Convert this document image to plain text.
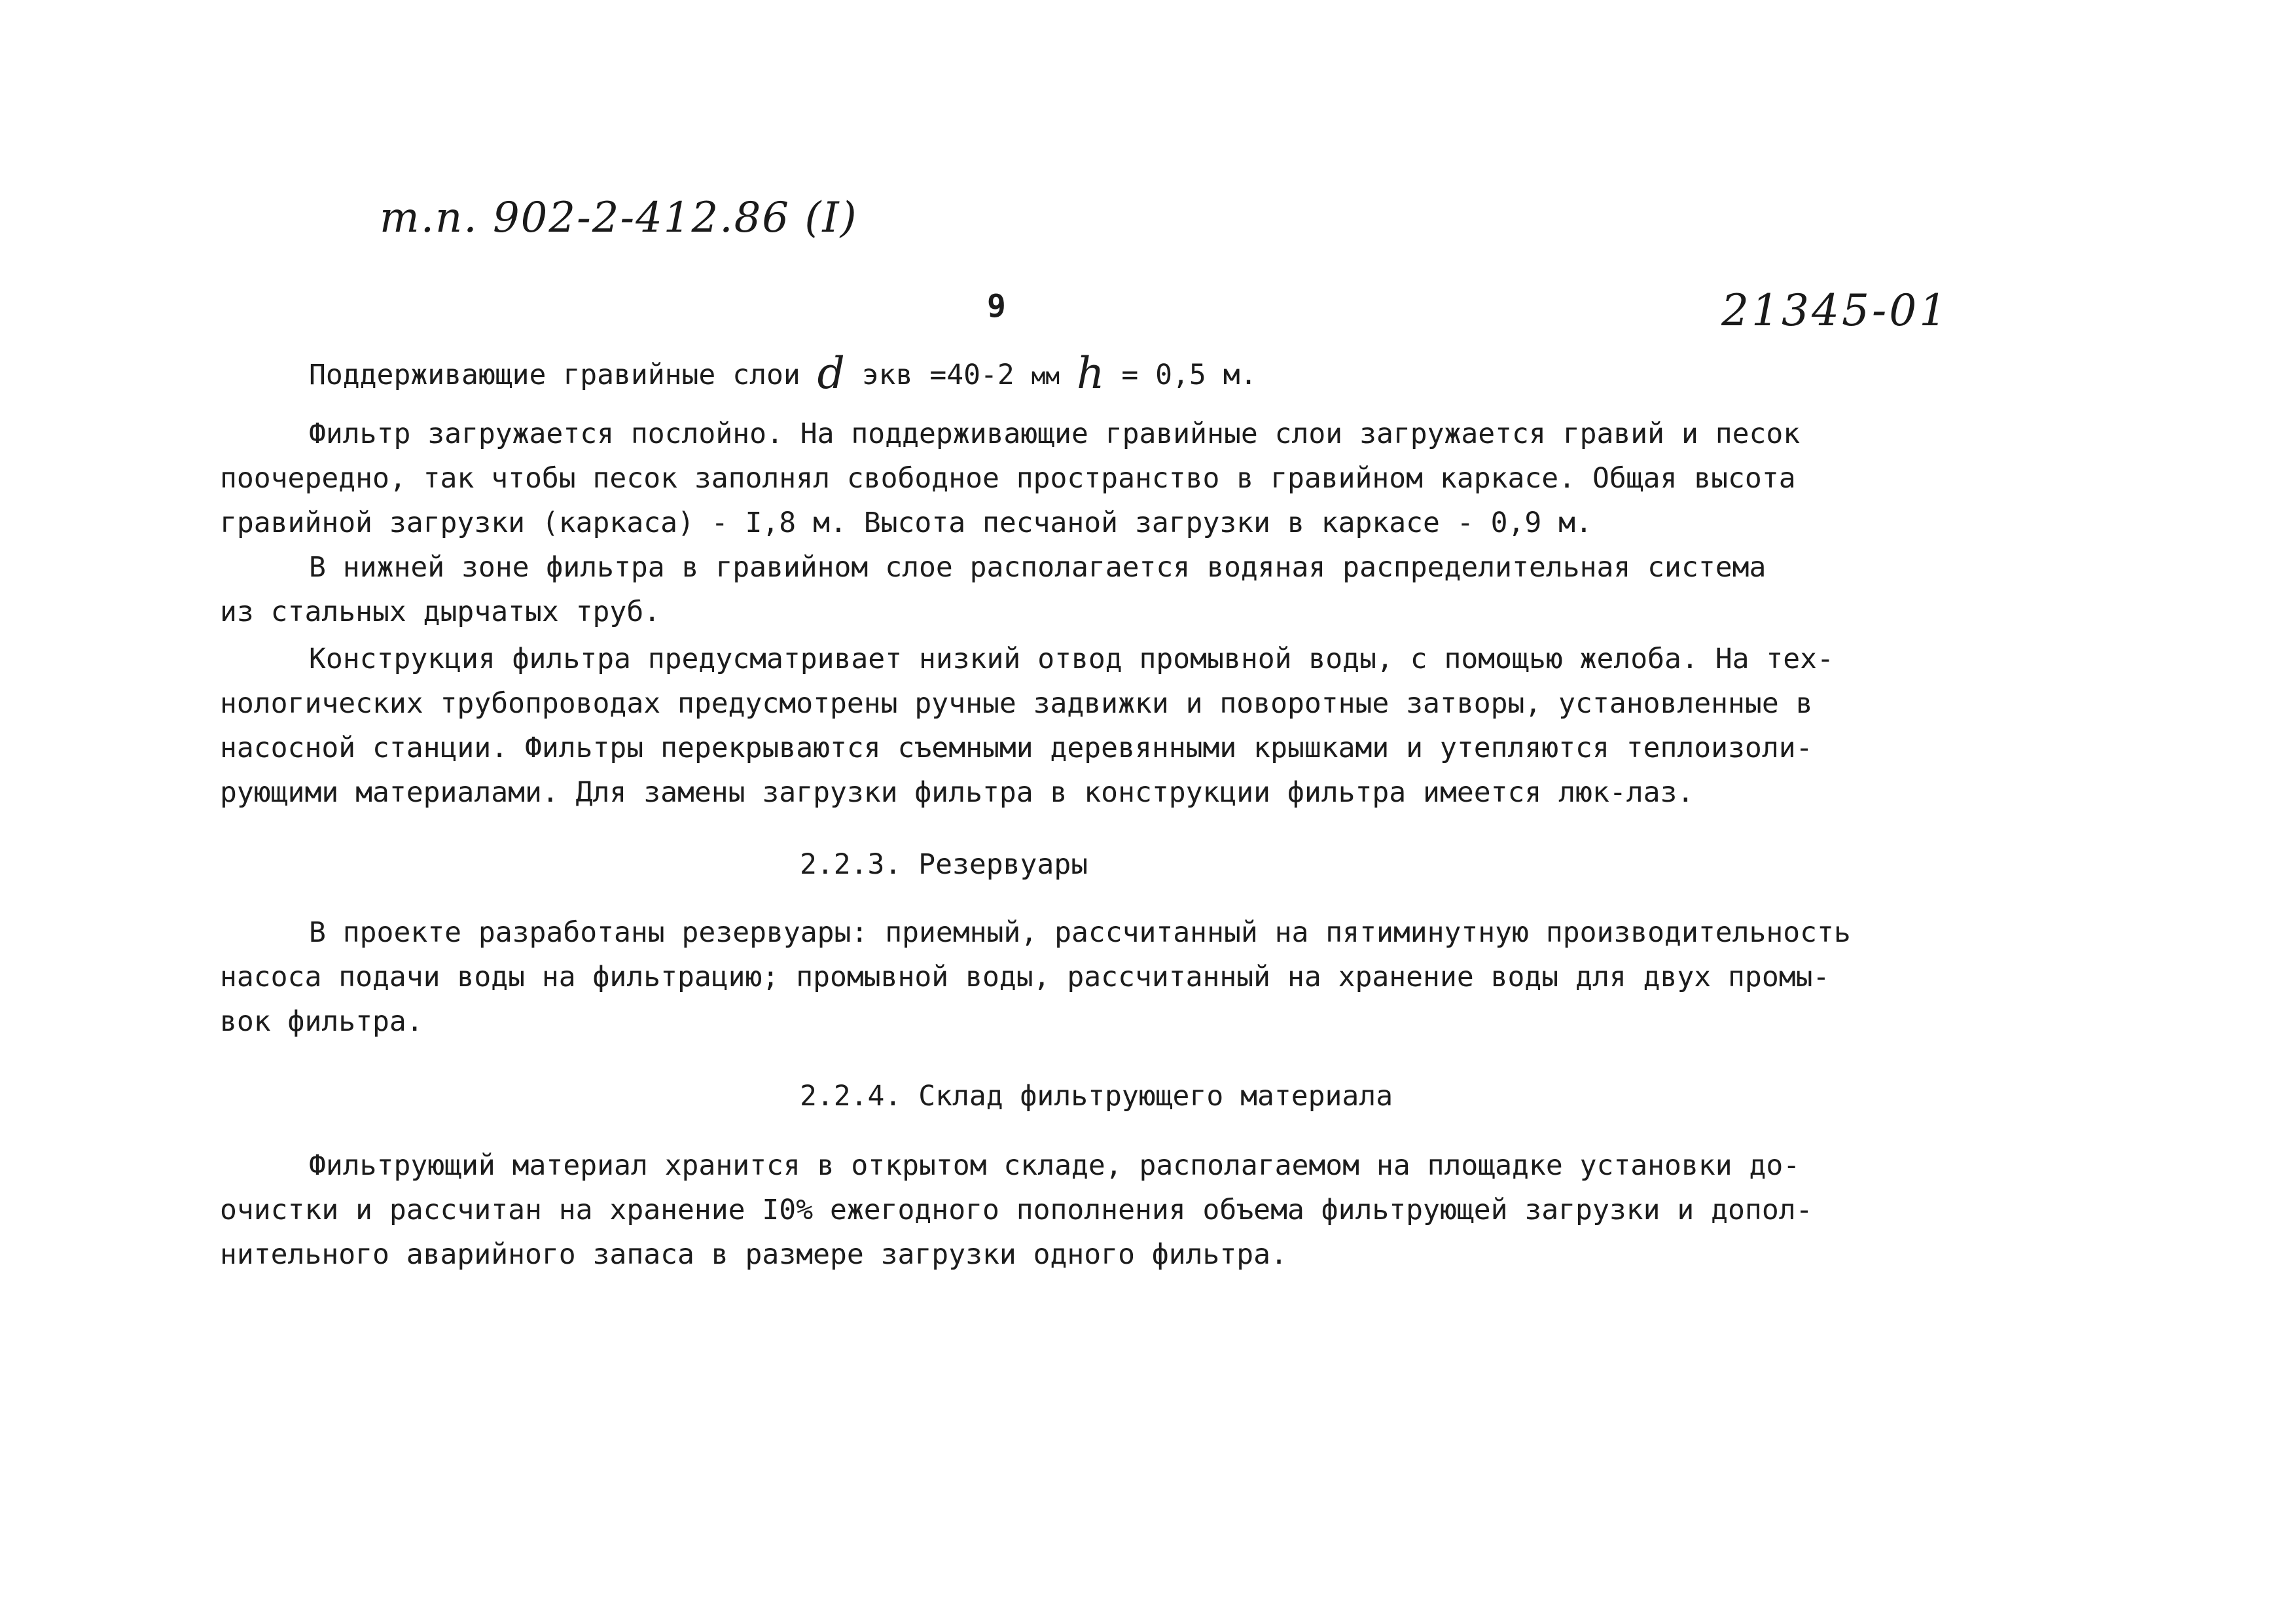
т.п. 902-2-412.86 (I)
9	21345-01
Поддерживающие гравийные слои d экв =40-2 мм h = 0,5 м.
Фильтр загружается послойно. На поддерживающие гравийные слои загружается гравий и песок
поочередно, так чтобы песок заполнял свободное пространство в гравийном каркасе. Общая высота
гравийной загрузки (каркаса) - I,8 м. Высота песчаной загрузки в каркасе - 0,9 м.
В нижней зоне фильтра в гравийном слое располагается водяная распределительная система
из стальных дырчатых труб.
Конструкция фильтра предусматривает низкий отвод промывной воды, с помощью желоба. На тех-
нологических трубопроводах предусмотрены ручные задвижки и поворотные затворы, установленные в
насосной станции. Фильтры перекрываются съемными деревянными крышками и утепляются теплоизоли-
рующими материалами. Для замены загрузки фильтра в конструкции фильтра имеется люк-лаз.
2.2.3. Резервуары
В проекте разработаны резервуары: приемный, рассчитанный на пятиминутную производительность
насоса подачи воды на фильтрацию; промывной воды, рассчитанный на хранение воды для двух промы-
вок фильтра.
2.2.4. Склад фильтрующего материала
Фильтрующий материал хранится в открытом складе, располагаемом на площадке установки до-
очистки и рассчитан на хранение I0% ежегодного пополнения объема фильтрующей загрузки и допол-
нительного аварийного запаса в размере загрузки одного фильтра.
